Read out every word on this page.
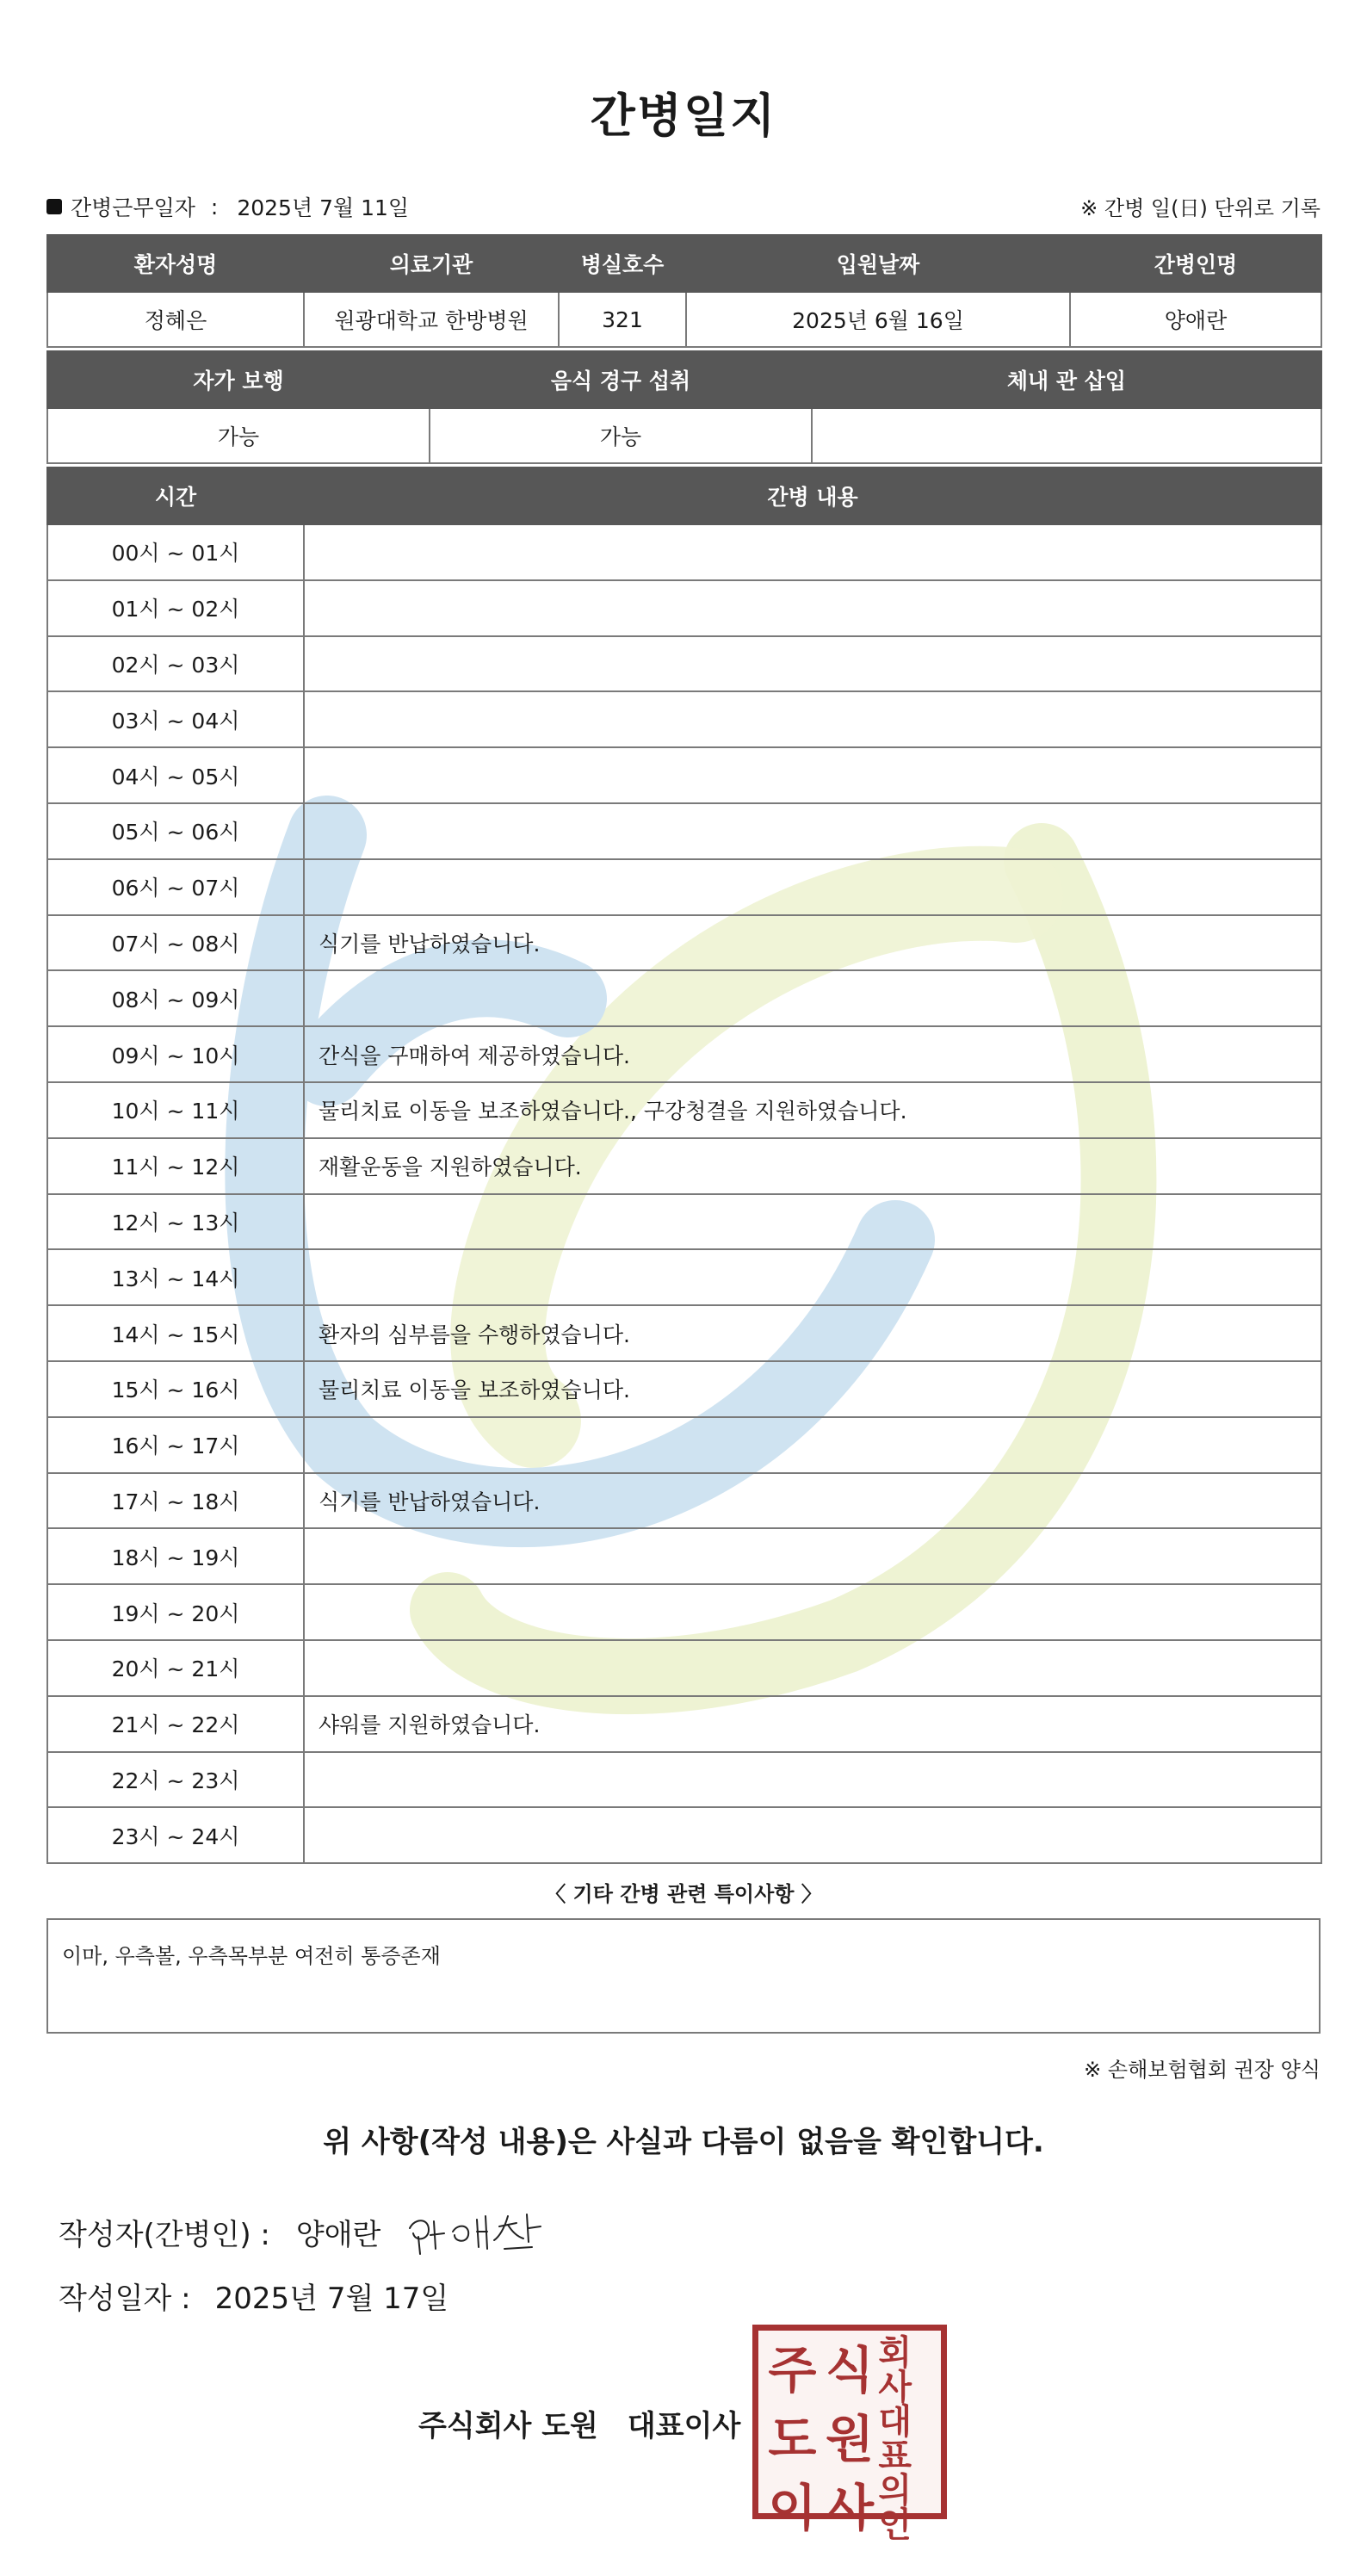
간병일지
간병근무일자 : 2025년 7월 11일	※ 간병 일(日) 단위로 기록
환자성명	의료기관	병실호수	입원날짜	간병인명
정혜은	원광대학교 한방병원	321	2025년 6월 16일	양애란
자가 보행	음식 경구 섭취	체내 관 삽입
가능	가능	
시간	간병 내용
00시 ~ 01시	
01시 ~ 02시	
02시 ~ 03시	
03시 ~ 04시	
04시 ~ 05시	
05시 ~ 06시	
06시 ~ 07시	
07시 ~ 08시	식기를 반납하였습니다.
08시 ~ 09시	
09시 ~ 10시	간식을 구매하여 제공하였습니다.
10시 ~ 11시	물리치료 이동을 보조하였습니다., 구강청결을 지원하였습니다.
11시 ~ 12시	재활운동을 지원하였습니다.
12시 ~ 13시	
13시 ~ 14시	
14시 ~ 15시	환자의 심부름을 수행하였습니다.
15시 ~ 16시	물리치료 이동을 보조하였습니다.
16시 ~ 17시	
17시 ~ 18시	식기를 반납하였습니다.
18시 ~ 19시	
19시 ~ 20시	
20시 ~ 21시	
21시 ~ 22시	샤워를 지원하였습니다.
22시 ~ 23시	
23시 ~ 24시	
〈 기타 간병 관련 특이사항 〉
이마, 우측볼, 우측목부분 여전히 통증존재
※ 손해보험협회 권장 양식
위 사항(작성 내용)은 사실과 다름이 없음을 확인합니다.
작성자(간병인) : 양애란
작성일자 : 2025년 7월 17일
주식회사 도원 대표이사
주 식 회사
도 원 대표
이 사 의인
